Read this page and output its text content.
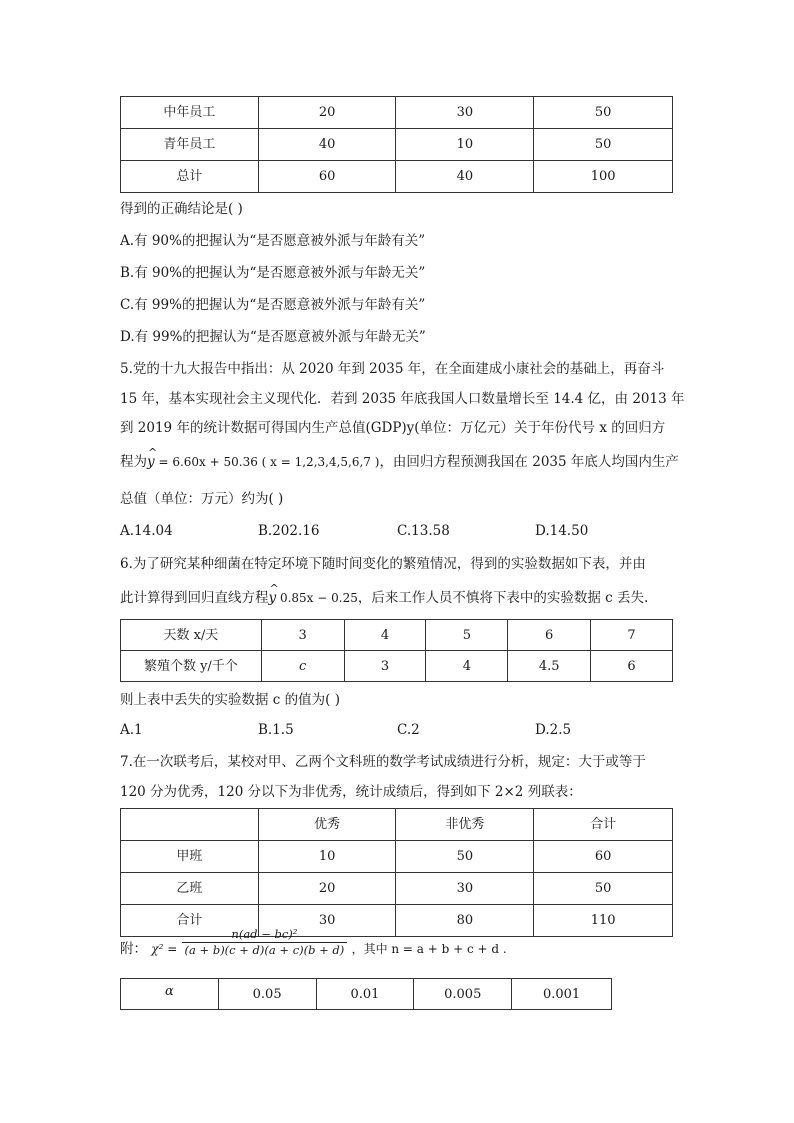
中年员工	20	30	50
青年员工	40	10	50
总计	60	40	100
得到的正确结论是( )
A.有 90%的把握认为“是否愿意被外派与年龄有关”
B.有 90%的把握认为“是否愿意被外派与年龄无关”
C.有 99%的把握认为“是否愿意被外派与年龄有关”
D.有 99%的把握认为“是否愿意被外派与年龄无关”
5.党的十九大报告中指出：从 2020 年到 2035 年，在全面建成小康社会的基础上，再奋斗
15 年，基本实现社会主义现代化．若到 2035 年底我国人口数量增长至 14.4 亿，由 2013 年
到 2019 年的统计数据可得国内生产总值(GDP)y(单位：万亿元）关于年份代号 x 的回归方
程为^ y = 6.60x + 50.36 ( x = 1,2,3,4,5,6,7 )，由回归方程预测我国在 2035 年底人均国内生产
总值（单位：万元）约为( )
A.14.04	B.202.16	C.13.58	D.14.50
6.为了研究某种细菌在特定环境下随时间变化的繁殖情况，得到的实验数据如下表，并由
此计算得到回归直线方程^ y 0.85x − 0.25，后来工作人员不慎将下表中的实验数据 c 丢失.
天数 x/天	3	4	5	6	7
繁殖个数 y/千个	c	3	4	4.5	6
则上表中丢失的实验数据 c 的值为( )
A.1	B.1.5	C.2	D.2.5
7.在一次联考后，某校对甲、乙两个文科班的数学考试成绩进行分析，规定：大于或等于
120 分为优秀，120 分以下为非优秀，统计成绩后，得到如下 2×2 列联表：
	优秀	非优秀	合计
甲班	10	50	60
乙班	20	30	50
合计	30	80	110
附： $\chi^2 = \frac{\text{n(ad − bc)²}}{(a + b)(c + d)(a + c)(b + d)}$ ，其中 n = a + b + c + d .
α	0.05	0.01	0.005	0.001
